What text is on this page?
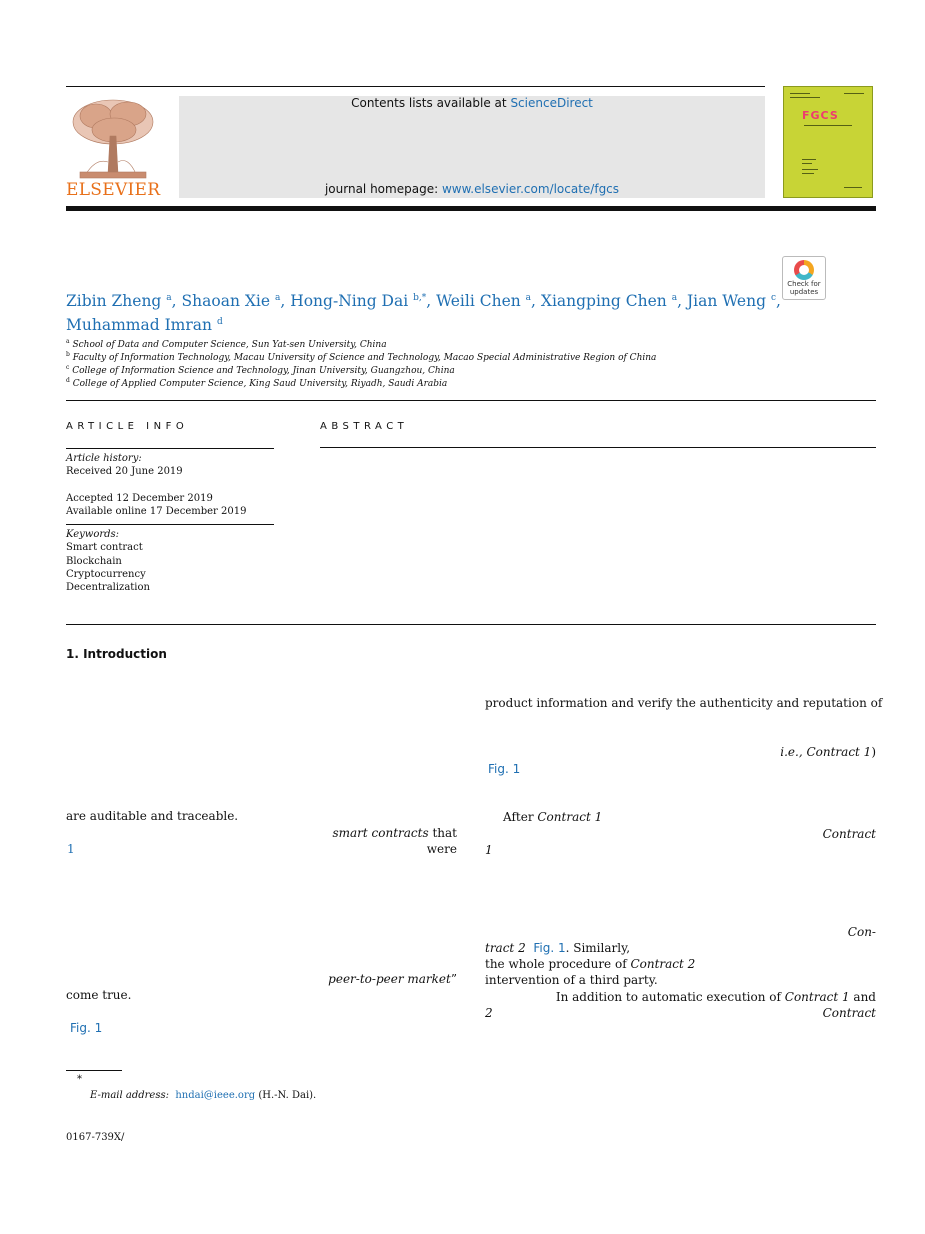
ELSEVIER
Contents lists available at ScienceDirect
journal homepage: www.elsevier.com/locate/fgcs
FGCS
Check for updates
Zibin Zheng $^a$, Shaoan Xie $^a$, Hong-Ning Dai $^{b,*}$, Weili Chen $^a$, Xiangping Chen $^a$, Jian Weng $^c$,
Muhammad Imran $^d$
$^a$ School of Data and Computer Science, Sun Yat-sen University, China
$^b$ Faculty of Information Technology, Macau University of Science and Technology, Macao Special Administrative Region of China
$^c$ College of Information Science and Technology, Jinan University, Guangzhou, China
$^d$ College of Applied Computer Science, King Saud University, Riyadh, Saudi Arabia
ARTICLE INFO
Article history:
Received 20 June 2019
Accepted 12 December 2019
Available online 17 December 2019
Keywords:
Smart contract
Blockchain
Cryptocurrency
Decentralization
ABSTRACT
1. Introduction
are auditable and traceable.
smart contracts that were
1
peer-to-peer market”
come true.
Fig. 1
product information and verify the authenticity and reputation of
i.e., Contract 1)
Fig. 1
After Contract 1
Contract
1
Con-
tract 2 Fig. 1. Similarly,
the whole procedure of Contract 2
intervention of a third party.
In addition to automatic execution of Contract 1 and Contract
2
*
E-mail address:  hndai@ieee.org (H.-N. Dai).
0167-739X/
